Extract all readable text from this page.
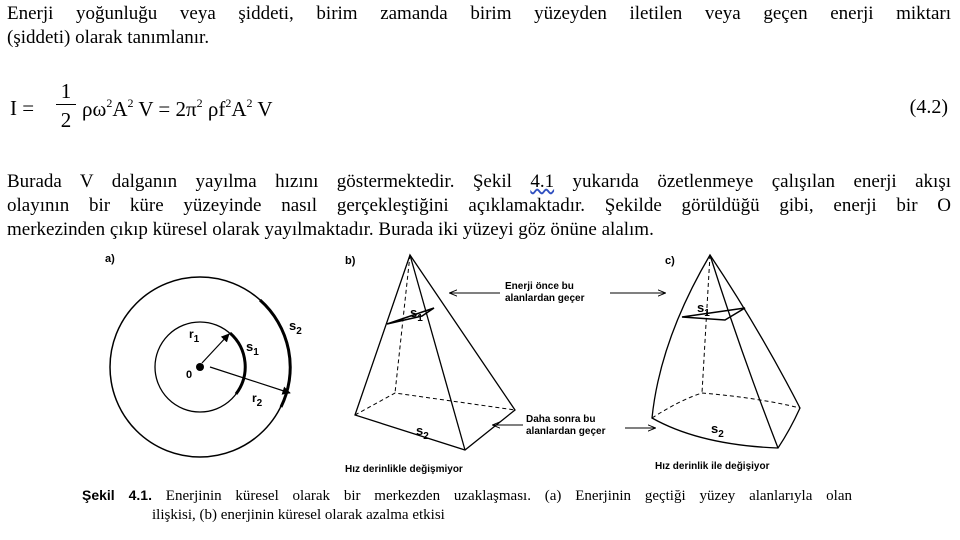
Enerji yoğunluğu veya şiddeti, birim zamanda birim yüzeyden iletilen veya geçen enerji miktarı
(şiddeti) olarak tanımlanır.
I =
1
2 $\rho\omega^2A^2$ $V = 2\pi^2$ $\rho f^2A^2$ V	(4.2)
Burada V dalganın yayılma hızını göstermektedir. Şekil 4.1 yukarıda özetlenmeye çalışılan enerji akışı
olayının bir küre yüzeyinde nasıl gerçekleştiğini açıklamaktadır. Şekilde görüldüğü gibi, enerji bir O
merkezinden çıkıp küresel olarak yayılmaktadır. Burada iki yüzeyi göz önüne alalım.
a)
$r_1$
$r_2$
$s_1$
$s_2$
0
b)
$s_1$
$s_2$
Hız derinlikle değişmiyor
Enerji önce bu
alanlardan geçer
Daha sonra bu
alanlardan geçer
c)
$s_1$
$s_2$
Hız derinlik ile değişiyor
Şekil 4.1. Enerjinin küresel olarak bir merkezden uzaklaşması. (a) Enerjinin geçtiği yüzey alanlarıyla olan
ilişkisi, (b) enerjinin küresel olarak azalma etkisi
